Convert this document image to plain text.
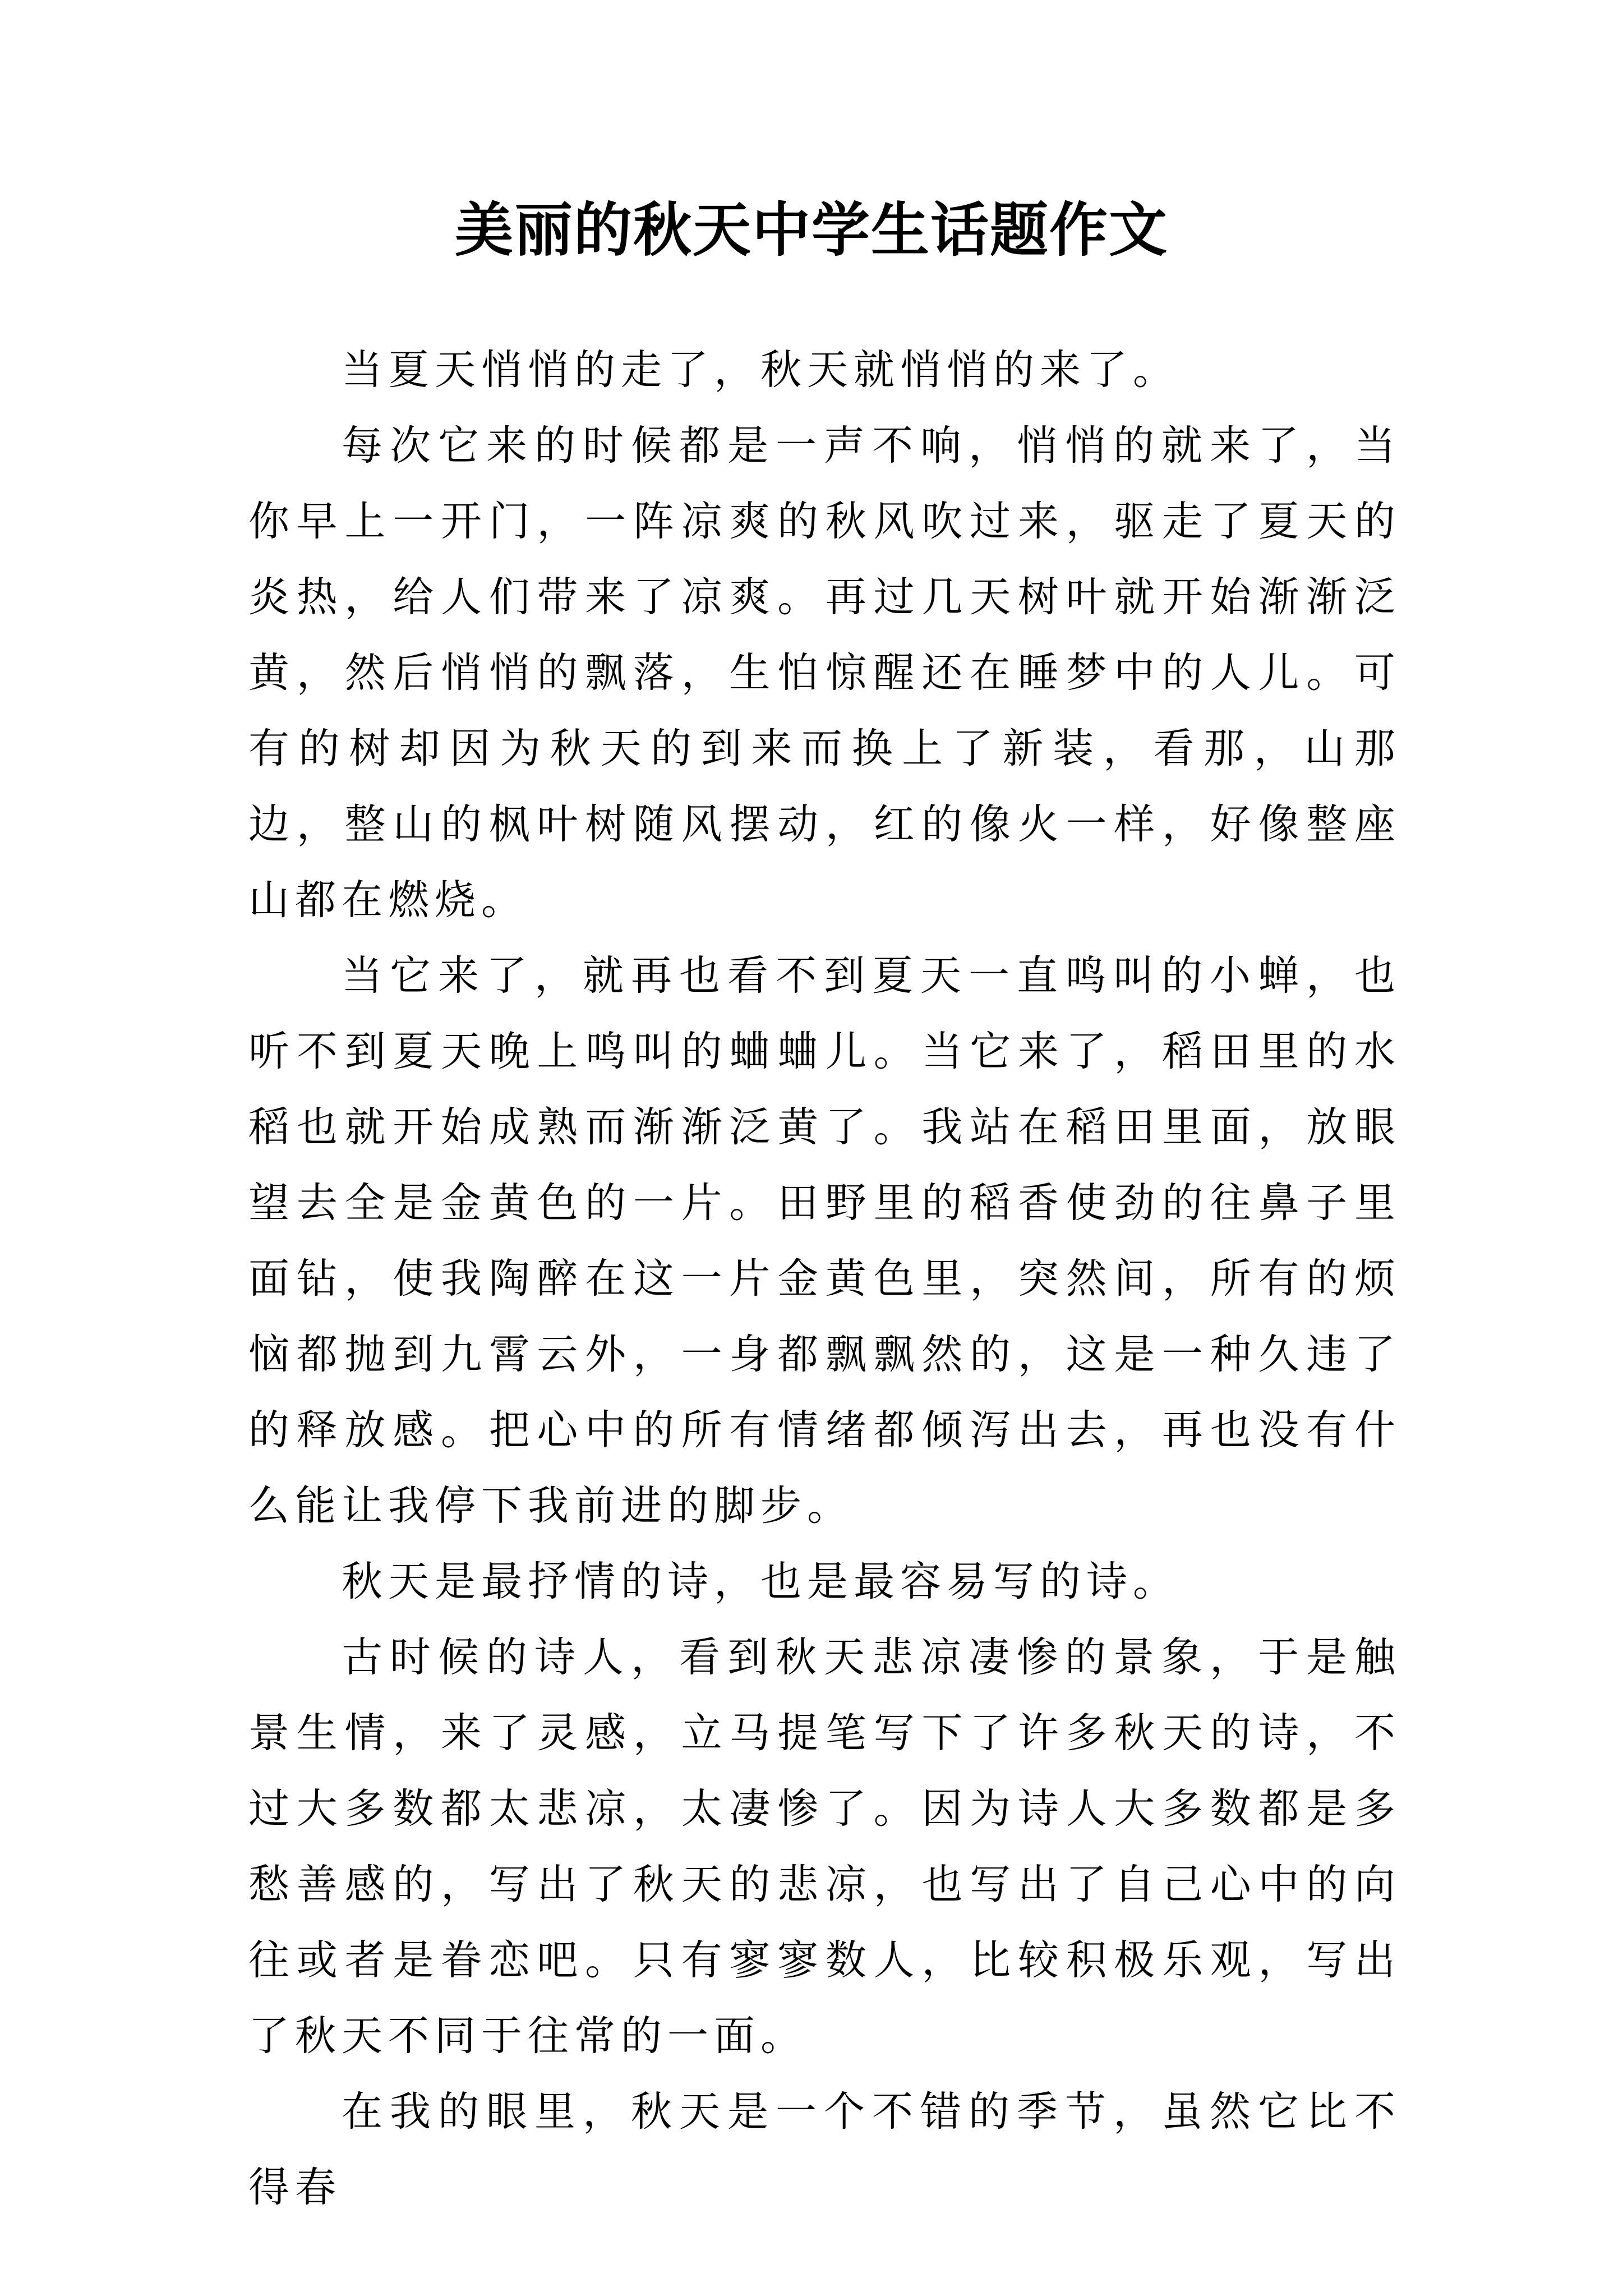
美丽的秋天中学生话题作文

当夏天悄悄的走了，秋天就悄悄的来了。

每次它来的时候都是一声不响，悄悄的就来了，当你早上一开门，一阵凉爽的秋风吹过来，驱走了夏天的炎热，给人们带来了凉爽。再过几天树叶就开始渐渐泛黄，然后悄悄的飘落，生怕惊醒还在睡梦中的人儿。可有的树却因为秋天的到来而换上了新装，看那，山那边，整山的枫叶树随风摆动，红的像火一样，好像整座山都在燃烧。

当它来了，就再也看不到夏天一直鸣叫的小蝉，也听不到夏天晚上鸣叫的蛐蛐儿。当它来了，稻田里的水稻也就开始成熟而渐渐泛黄了。我站在稻田里面，放眼望去全是金黄色的一片。田野里的稻香使劲的往鼻子里面钻，使我陶醉在这一片金黄色里，突然间，所有的烦恼都抛到九霄云外，一身都飘飘然的，这是一种久违了的释放感。把心中的所有情绪都倾泻出去，再也没有什么能让我停下我前进的脚步。

秋天是最抒情的诗，也是最容易写的诗。

古时候的诗人，看到秋天悲凉凄惨的景象，于是触景生情，来了灵感，立马提笔写下了许多秋天的诗，不过大多数都太悲凉，太凄惨了。因为诗人大多数都是多愁善感的，写出了秋天的悲凉，也写出了自己心中的向往或者是眷恋吧。只有寥寥数人，比较积极乐观，写出了秋天不同于往常的一面。

在我的眼里，秋天是一个不错的季节，虽然它比不得春
